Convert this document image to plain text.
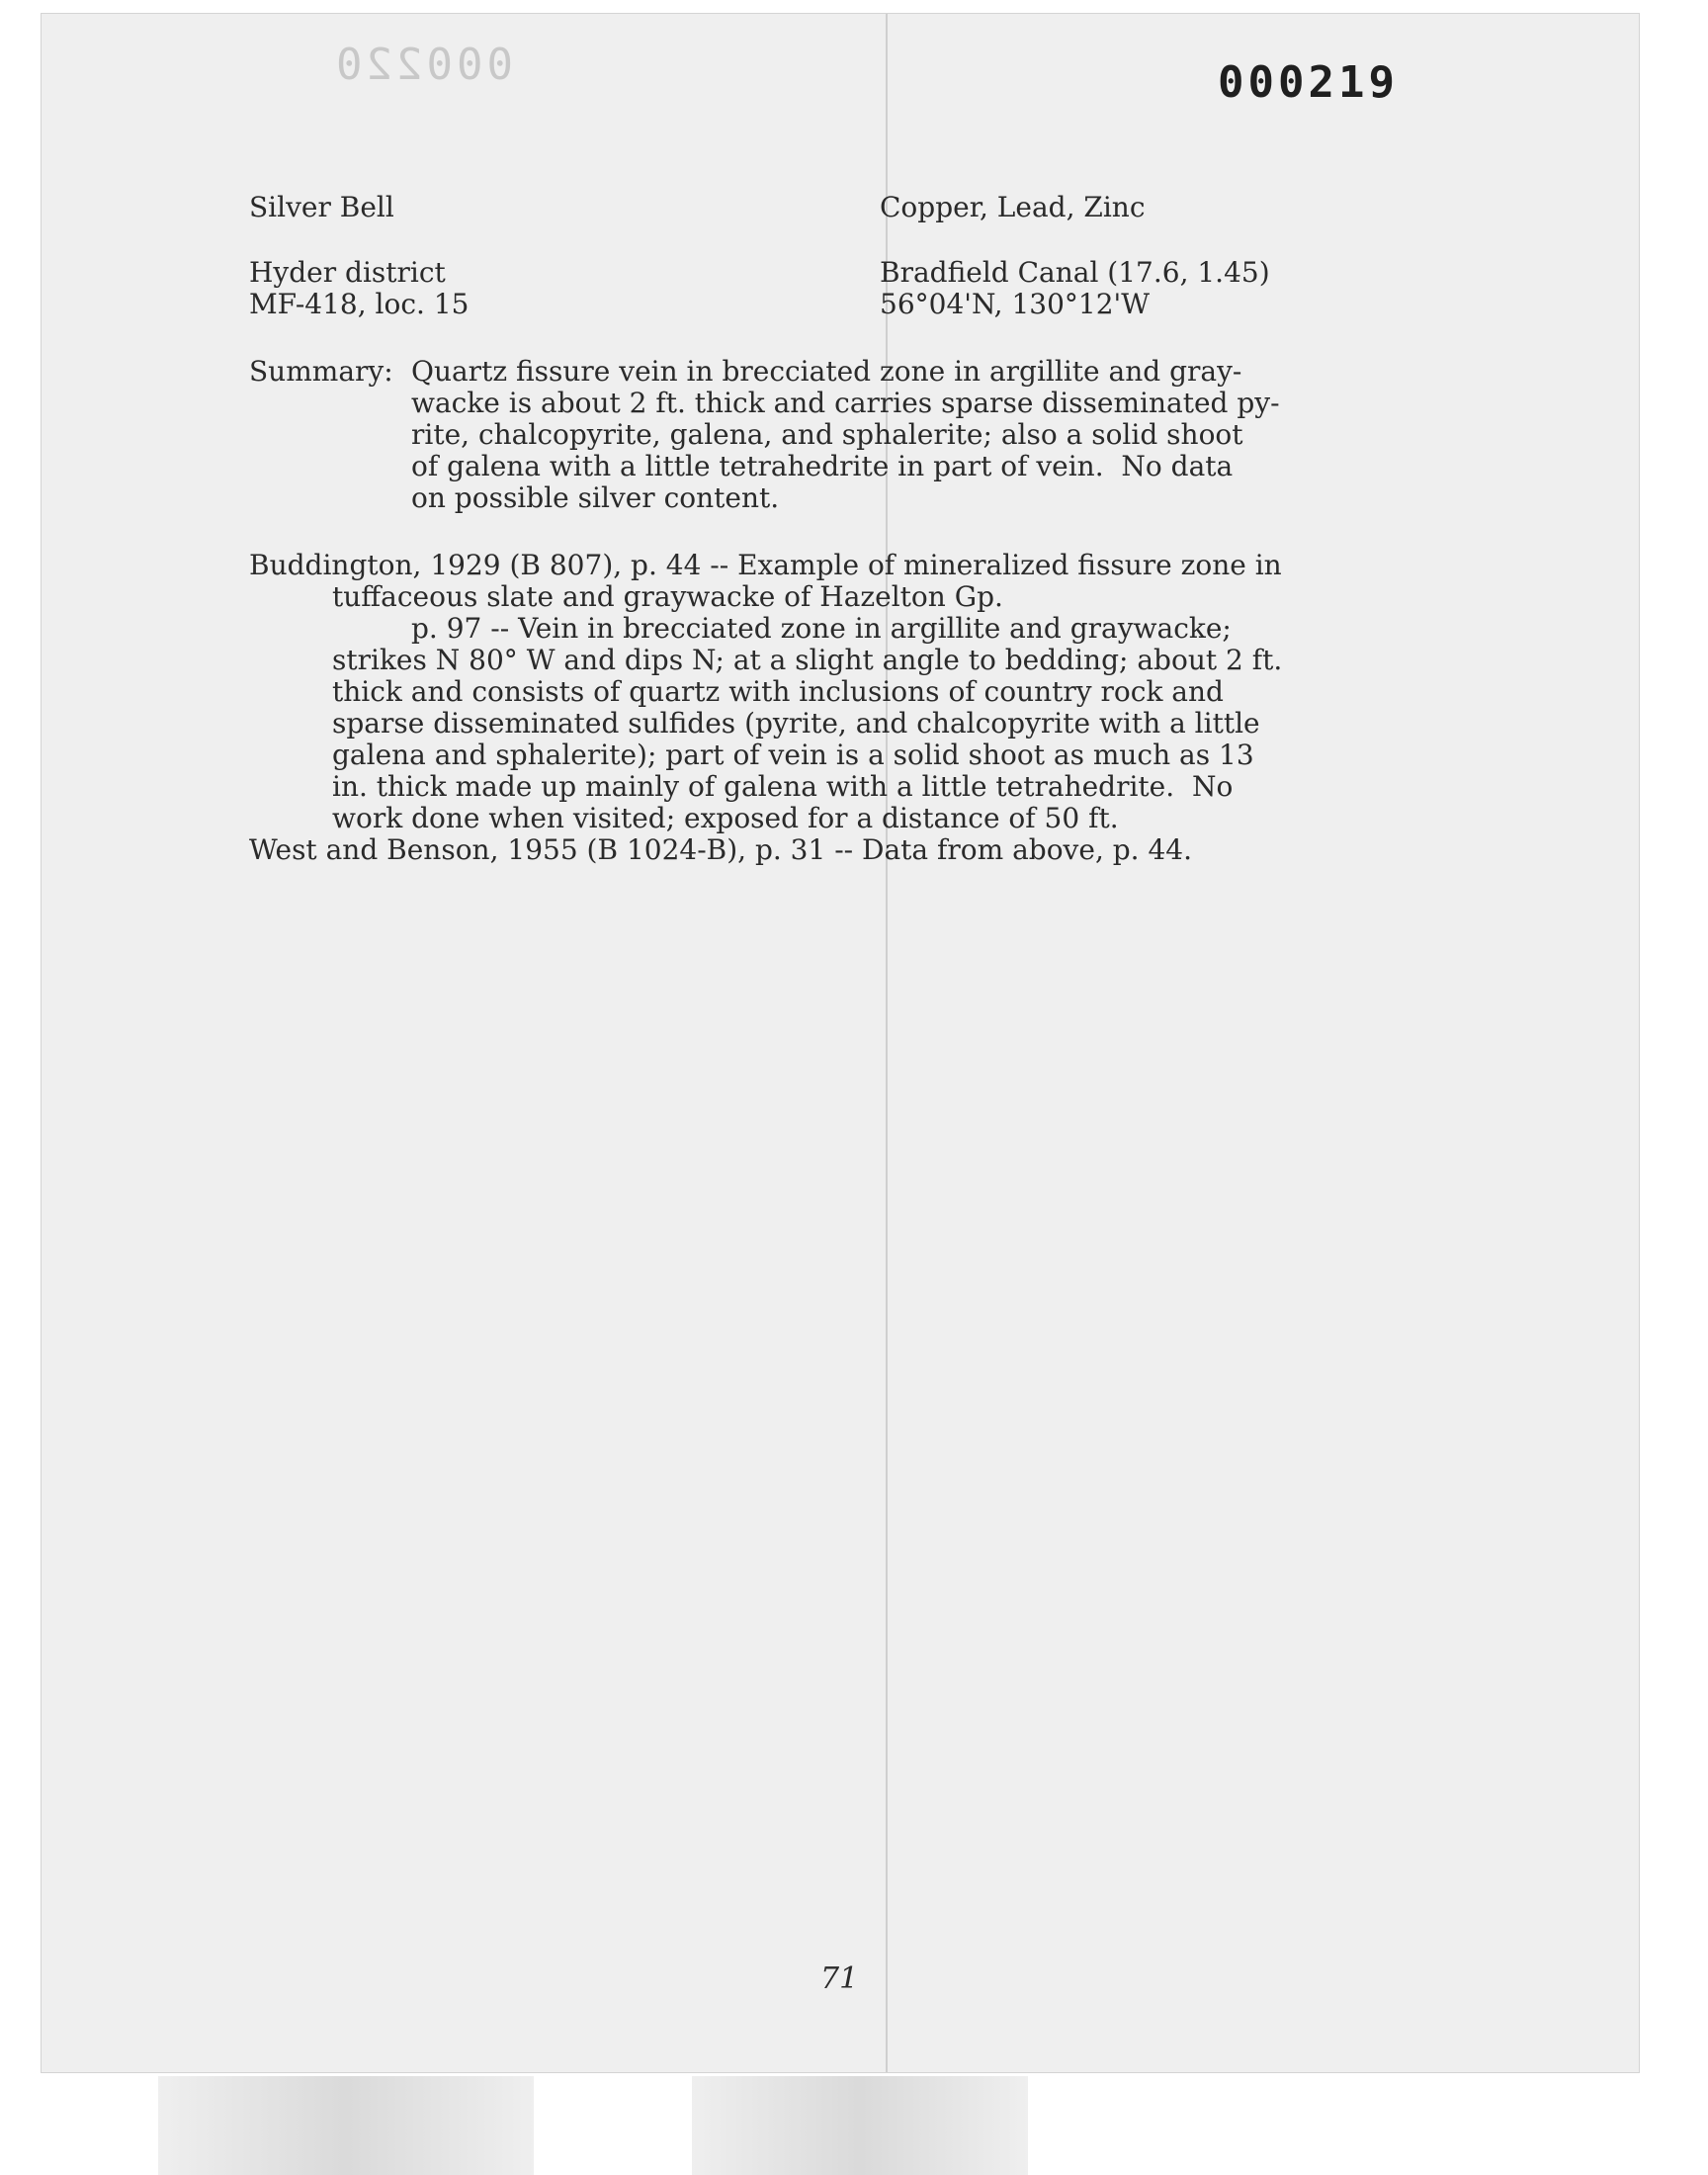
000220	000219
Silver Bell	Copper, Lead, Zinc
Hyder district	Bradfield Canal (17.6, 1.45)
MF-418, loc. 15	56°04'N, 130°12'W
Summary: Quartz fissure vein in brecciated zone in argillite and gray-
wacke is about 2 ft. thick and carries sparse disseminated py-
rite, chalcopyrite, galena, and sphalerite; also a solid shoot
of galena with a little tetrahedrite in part of vein.  No data
on possible silver content.
Buddington, 1929 (B 807), p. 44 -- Example of mineralized fissure zone in
tuffaceous slate and graywacke of Hazelton Gp.
p. 97 -- Vein in brecciated zone in argillite and graywacke;
strikes N 80° W and dips N; at a slight angle to bedding; about 2 ft.
thick and consists of quartz with inclusions of country rock and
sparse disseminated sulfides (pyrite, and chalcopyrite with a little
galena and sphalerite); part of vein is a solid shoot as much as 13
in. thick made up mainly of galena with a little tetrahedrite.  No
work done when visited; exposed for a distance of 50 ft.
West and Benson, 1955 (B 1024-B), p. 31 -- Data from above, p. 44.
71
